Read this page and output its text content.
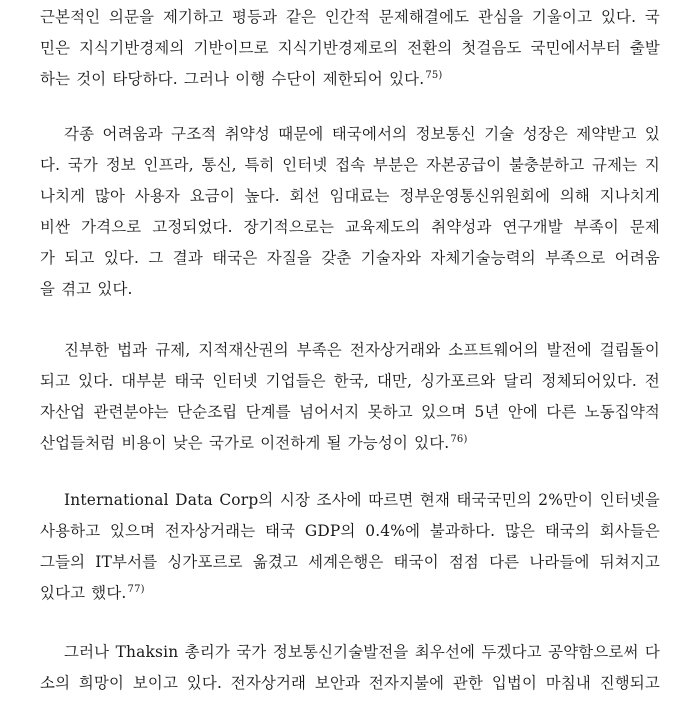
근본적인 의문을 제기하고 평등과 같은 인간적 문제해결에도 관심을 기울이고 있다. 국
민은 지식기반경제의 기반이므로 지식기반경제로의 전환의 첫걸음도 국민에서부터 출발
하는 것이 타당하다. 그러나 이행 수단이 제한되어 있다.$^{75)}$
각종 어려움과 구조적 취약성 때문에 태국에서의 정보통신 기술 성장은 제약받고 있
다. 국가 정보 인프라, 통신, 특히 인터넷 접속 부분은 자본공급이 불충분하고 규제는 지
나치게 많아 사용자 요금이 높다. 회선 임대료는 정부운영통신위원회에 의해 지나치게
비싼 가격으로 고정되었다. 장기적으로는 교육제도의 취약성과 연구개발 부족이 문제
가 되고 있다. 그 결과 태국은 자질을 갖춘 기술자와 자체기술능력의 부족으로 어려움
을 겪고 있다.
진부한 법과 규제, 지적재산권의 부족은 전자상거래와 소프트웨어의 발전에 걸림돌이
되고 있다. 대부분 태국 인터넷 기업들은 한국, 대만, 싱가포르와 달리 정체되어있다. 전
자산업 관련분야는 단순조립 단계를 넘어서지 못하고 있으며 5년 안에 다른 노동집약적
산업들처럼 비용이 낮은 국가로 이전하게 될 가능성이 있다.$^{76)}$
International Data Corp의 시장 조사에 따르면 현재 태국국민의 2%만이 인터넷을
사용하고 있으며 전자상거래는 태국 GDP의 0.4%에 불과하다. 많은 태국의 회사들은
그들의 IT부서를 싱가포르로 옮겼고 세계은행은 태국이 점점 다른 나라들에 뒤쳐지고
있다고 했다.$^{77)}$
그러나 Thaksin 총리가 국가 정보통신기술발전을 최우선에 두겠다고 공약함으로써 다
소의 희망이 보이고 있다. 전자상거래 보안과 전자지불에 관한 입법이 마침내 진행되고
